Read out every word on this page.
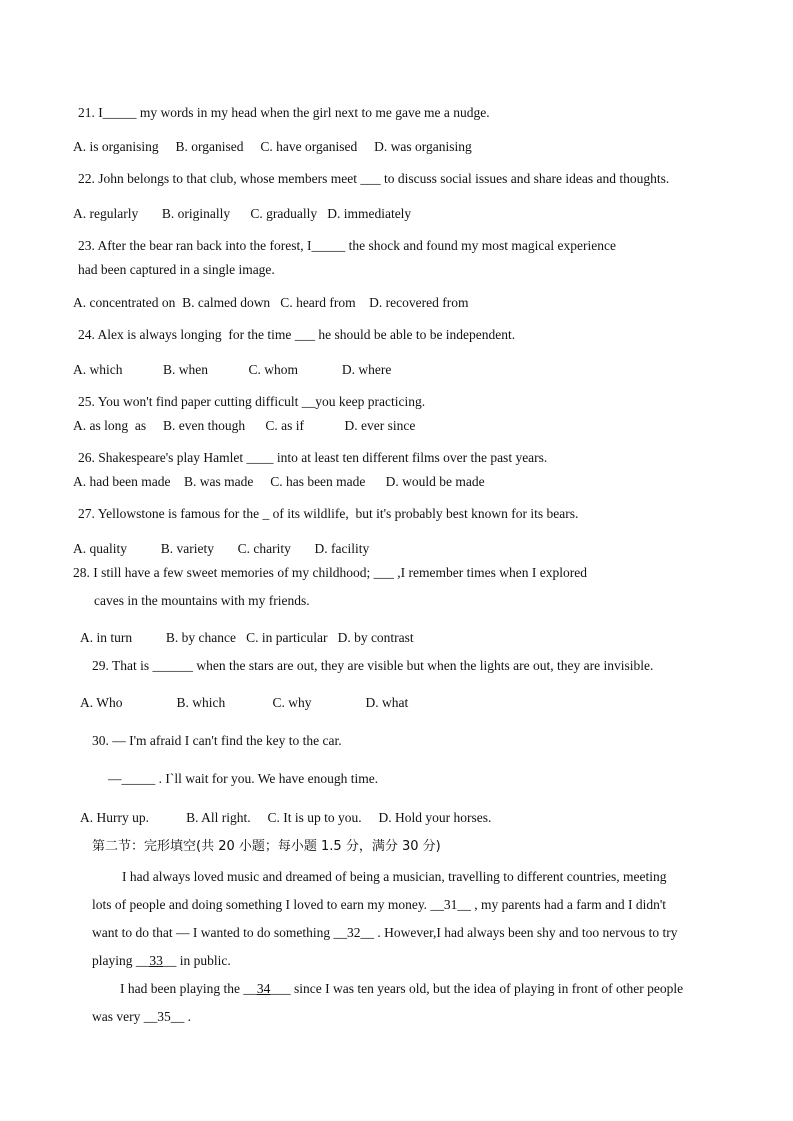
21. I_____ my words in my head when the girl next to me gave me a nudge.
A. is organising     B. organised     C. have organised     D. was organising
22. John belongs to that club, whose members meet ___ to discuss social issues and share ideas and thoughts.
A. regularly       B. originally      C. gradually   D. immediately
23. After the bear ran back into the forest, I_____ the shock and found my most magical experience
had been captured in a single image.
A. concentrated on  B. calmed down   C. heard from    D. recovered from
24. Alex is always longing  for the time ___ he should be able to be independent.
A. which            B. when            C. whom             D. where
25. You won't find paper cutting difficult __you keep practicing.
A. as long  as     B. even though      C. as if            D. ever since
26. Shakespeare's play Hamlet ____ into at least ten different films over the past years.
A. had been made    B. was made     C. has been made      D. would be made
27. Yellowstone is famous for the _ of its wildlife,  but it's probably best known for its bears.
A. quality          B. variety       C. charity       D. facility
28. I still have a few sweet memories of my childhood; ___ ,I remember times when I explored
caves in the mountains with my friends.
A. in turn          B. by chance   C. in particular   D. by contrast
29. That is ______ when the stars are out, they are visible but when the lights are out, they are invisible.
A. Who                B. which              C. why                D. what
30. — I'm afraid I can't find the key to the car.
—_____ . I`ll wait for you. We have enough time.
A. Hurry up.           B. All right.     C. It is up to you.     D. Hold your horses.
第二节：完形填空(共 20 小题；每小题 1.5 分，满分 30 分)
I had always loved music and dreamed of being a musician, travelling to different countries, meeting
lots of people and doing something I loved to earn my money. __31__ , my parents had a farm and I didn't
want to do that — I wanted to do something __32__ . However,I had always been shy and too nervous to try
playing __33__ in public.
I had been playing the __34___ since I was ten years old, but the idea of playing in front of other people
was very __35__ .
